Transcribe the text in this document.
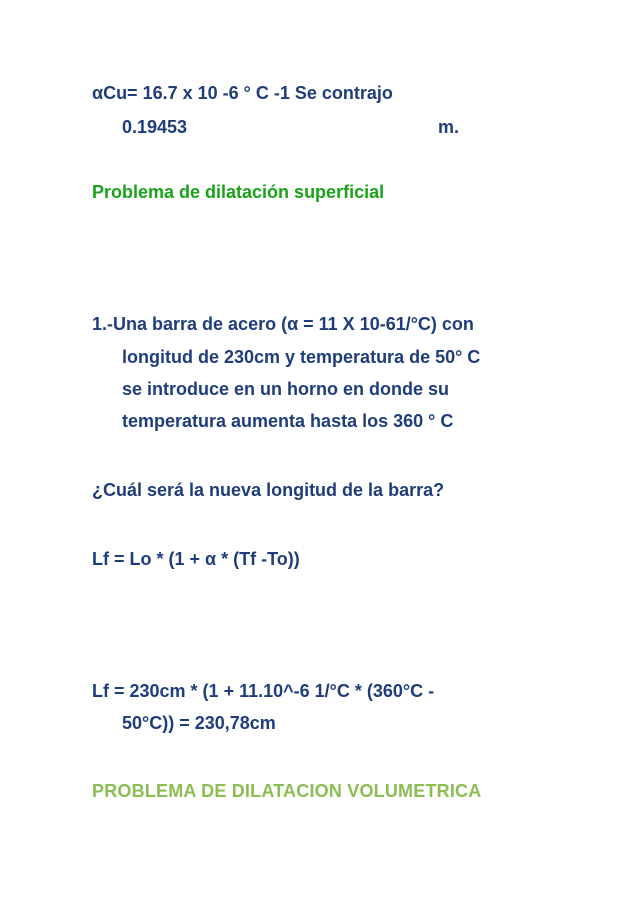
αCu= 16.7 x 10 -6 ° C -1 Se contrajo
0.19453	m.
Problema de dilatación superficial
1.-Una barra de acero (α = 11 X 10-61/°C) con
longitud de 230cm y temperatura de 50° C
se introduce en un horno en donde su
temperatura aumenta hasta los 360 ° C
¿Cuál será la nueva longitud de la barra?
Lf = Lo * (1 + α * (Tf -To))
Lf = 230cm * (1 + 11.10^-6 1/°C * (360°C -
50°C)) = 230,78cm
PROBLEMA DE DILATACION VOLUMETRICA
